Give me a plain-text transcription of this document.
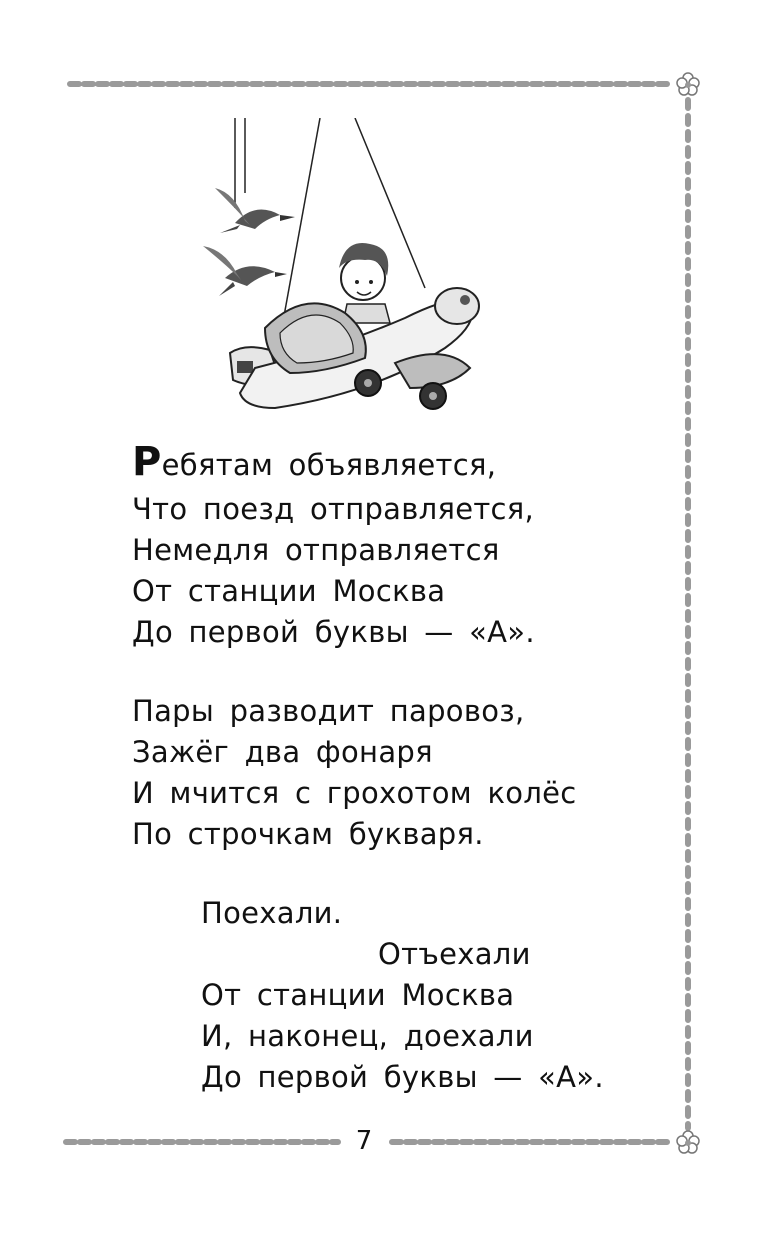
Ребятам объявляется,
Что поезд отправляется,
Немедля отправляется
От станции Москва
До первой буквы — «А».
Пары разводит паровоз,
Зажёг два фонаря
И мчится с грохотом колёс
По строчкам букваря.
Поехали.
Отъехали
От станции Москва
И, наконец, доехали
До первой буквы — «А».
7
